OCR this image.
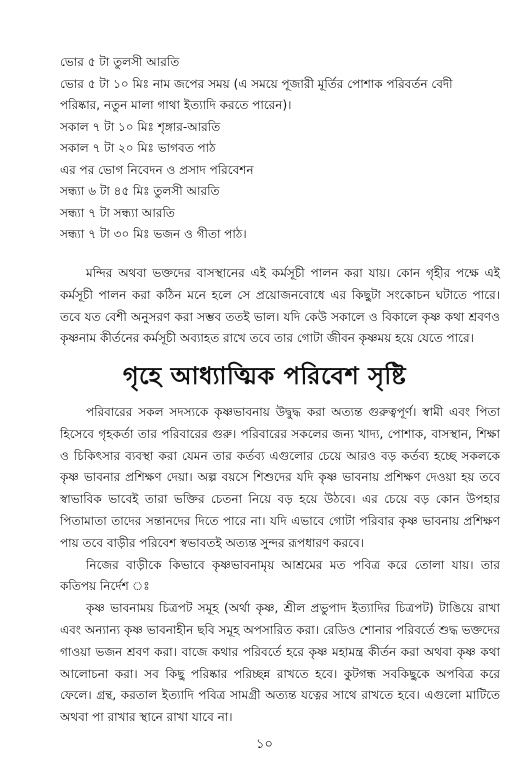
ভোর ৫ টা তুলসী আরতি
ভোর ৫ টা ১০ মিঃ নাম জপের সময় (এ সময়ে পূজারী মূর্তির পোশাক পরিবর্তন বেদী
পরিষ্কার, নতুন মালা গাথা ইত্যাদি করতে পারেন)।
সকাল ৭ টা ১০ মিঃ শৃঙ্গার-আরতি
সকাল ৭ টা ২০ মিঃ ভাগবত পাঠ
এর পর ভোগ নিবেদন ও প্রসাদ পরিবেশন
সন্ধ্যা ৬ টা ৪৫ মিঃ তুলসী আরতি
সন্ধ্যা ৭ টা সন্ধ্যা আরতি
সন্ধ্যা ৭ টা ৩০ মিঃ ভজন ও গীতা পাঠ।

মন্দির অথবা ভক্তদের বাসস্থানের এই কর্মসূচী পালন করা যায়। কোন গৃহীর পক্ষে এই কর্মসূচী পালন করা কঠিন মনে হলে সে প্রয়োজনবোধে এর কিছুটা সংকোচন ঘটাতে পারে। তবে যত বেশী অনুসরণ করা সম্ভব ততই ভাল। যদি কেউ সকালে ও বিকালে কৃষ্ণ কথা শ্রবণও কৃষ্ণনাম কীর্তনের কর্মসূচী অব্যাহত রাখে তবে তার গোটা জীবন কৃষ্ণময় হয়ে যেতে পারে।

গৃহে আধ্যাত্মিক পরিবেশ সৃষ্টি

পরিবারের সকল সদস্যকে কৃষ্ণভাবনায় উদ্বুদ্ধ করা অত্যন্ত গুরুত্বপূর্ণ। স্বামী এবং পিতা হিসেবে গৃহকর্তা তার পরিবারের গুরু। পরিবারের সকলের জন্য খাদ্য, পোশাক, বাসস্থান, শিক্ষা ও চিকিৎসার ব্যবস্থা করা যেমন তার কর্তব্য এগুলোর চেয়ে আরও বড় কর্তব্য হচ্ছে সকলকে কৃষ্ণ ভাবনার প্রশিক্ষণ দেয়া। অল্প বয়সে শিশুদের যদি কৃষ্ণ ভাবনায় প্রশিক্ষণ দেওয়া হয় তবে স্বাভাবিক ভাবেই তারা ভক্তির চেতনা নিয়ে বড় হয়ে উঠবে। এর চেয়ে বড় কোন উপহার পিতামাতা তাদের সন্তানদের দিতে পারে না। যদি এভাবে গোটা পরিবার কৃষ্ণ ভাবনায় প্রশিক্ষণ পায় তবে বাড়ীর পরিবেশ স্বভাবতই অত্যন্ত সুন্দর রূপধারণ করবে।

নিজের বাড়ীকে কিভাবে কৃষ্ণভাবনামৃয় আশ্রমের মত পবিত্র করে তোলা যায়। তার কতিপয় নির্দেশ ঃ

কৃষ্ণ ভাবনাময় চিত্রপট সমূহ (অর্থা কৃষ্ণ, শ্রীল প্রভুপাদ ইত্যাদির চিত্রপট) টাঙিয়ে রাখা এবং অন্যান্য কৃষ্ণ ভাবনাহীন ছবি সমূহ অপসারিত করা। রেডিও শোনার পরিবর্তে শুদ্ধ ভক্তদের গাওয়া ভজন শ্রবণ করা। বাজে কথার পরিবর্তে হরে কৃষ্ণ মহামন্ত্র কীর্তন করা অথবা কৃষ্ণ কথা আলোচনা করা। সব কিছু পরিষ্কার পরিচ্ছন্ন রাখতে হবে। কুটগন্ধ সবকিছুকে অপবিত্র করে ফেলে। গ্রন্থ, করতাল ইত্যাদি পবিত্র সামগ্রী অত্যন্ত যত্নের সাথে রাখতে হবে। এগুলো মাটিতে অথবা পা রাখার স্থানে রাখা যাবে না।

১০
